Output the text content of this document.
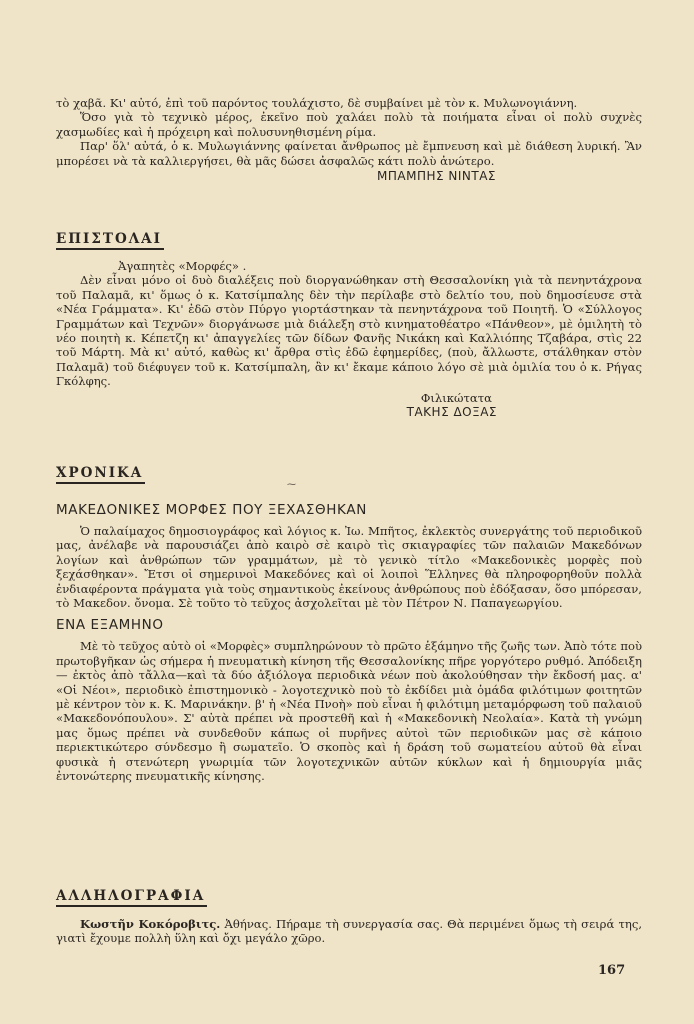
τὸ χαβᾶ. Κι' αὐτό, ἐπὶ τοῦ παρόντος τουλάχιστο, δὲ συμβαίνει μὲ τὸν κ. Μυλωνογιάννη.

Ὅσο γιὰ τὸ τεχνικὸ μέρος, ἐκεῖνο ποὺ χαλάει πολὺ τὰ ποιήματα εἶναι οἱ πολὺ συχνὲς χασμωδίες καὶ ἡ πρόχειρη καὶ πολυσυνηθισμένη ρίμα.

Παρ' ὅλ' αὐτά, ὁ κ. Μυλωγιάννης φαίνεται ἄνθρωπος μὲ ἔμπνευση καὶ μὲ διάθεση λυρική. Ἂν μπορέσει νὰ τὰ καλλιεργήσει, θὰ μᾶς δώσει ἀσφαλῶς κάτι πολὺ ἀνώτερο.

ΜΠΑΜΠΗΣ ΝΙΝΤΑΣ

ΕΠΙΣΤΟΛΑΙ

Ἀγαπητὲς «Μορφές» .

Δὲν εἶναι μόνο οἱ δυὸ διαλέξεις ποὺ διοργανώθηκαν στὴ Θεσσαλονίκη γιὰ τὰ πενηντάχρονα τοῦ Παλαμᾶ, κι' ὅμως ὁ κ. Κατσίμπαλης δὲν τὴν περίλαβε στὸ δελτίο του, ποὺ δημοσίευσε στὰ «Νέα Γράμματα». Κι' ἐδῶ στὸν Πύργο γιορτάστηκαν τὰ πενηντάχρονα τοῦ Ποιητῆ. Ὁ «Σύλλογος Γραμμάτων καὶ Τεχνῶν» διοργάνωσε μιὰ διάλεξη στὸ κινηματοθέατρο «Πάνθεον», μὲ ὁμιλητὴ τὸ νέο ποιητὴ κ. Κέπετζη κι' ἀπαγγελίες τῶν δίδων Φανῆς Νικάκη καὶ Καλλιόπης Τζαβάρα, στὶς 22 τοῦ Μάρτη. Μὰ κι' αὐτό, καθὼς κι' ἄρθρα στὶς ἐδῶ ἐφημερίδες, (ποὺ, ἄλλωστε, στάλθηκαν στὸν Παλαμᾶ) τοῦ διέφυγεν τοῦ κ. Κατσίμπαλη, ἂν κι' ἔκαμε κάποιο λόγο σὲ μιὰ ὁμιλία του ὁ κ. Ρήγας Γκόλφης.

Φιλικώτατα

ΤΑΚΗΣ ΔΟΞΑΣ

⁓
ΧΡΟΝΙΚΑ

ΜΑΚΕΔΟΝΙΚΕΣ ΜΟΡΦΕΣ ΠΟΥ ΞΕΧΑΣΘΗΚΑΝ

Ὁ παλαίμαχος δημοσιογράφος καὶ λόγιος κ. Ἰω. Μπῆτος, ἐκλεκτὸς συνεργάτης τοῦ περιοδικοῦ μας, ἀνέλαβε νὰ παρουσιάζει ἀπὸ καιρὸ σὲ καιρὸ τὶς σκιαγραφίες τῶν παλαιῶν Μακεδόνων λογίων καὶ ἀνθρώπων τῶν γραμμάτων, μὲ τὸ γενικὸ τίτλο «Μακεδονικὲς μορφὲς ποὺ ξεχάσθηκαν». Ἔτσι οἱ σημερινοὶ Μακεδόνες καὶ οἱ λοιποὶ Ἕλληνες θὰ πληροφορηθοῦν πολλὰ ἐνδιαφέροντα πράγματα γιὰ τοὺς σημαντικοὺς ἐκείνους ἀνθρώπους ποὺ ἐδόξασαν, ὅσο μπόρεσαν, τὸ Μακεδον. ὄνομα. Σὲ τοῦτο τὸ τεῦχος ἀσχολεῖται μὲ τὸν Πέτρον Ν. Παπαγεωργίου.

ΕΝΑ ΕΞΑΜΗΝΟ

Μὲ τὸ τεῦχος αὐτὸ οἱ «Μορφὲς» συμπληρώνουν τὸ πρῶτο ἑξάμηνο τῆς ζωῆς των. Ἀπὸ τότε ποὺ πρωτοβγῆκαν ὡς σήμερα ἡ πνευματικὴ κίνηση τῆς Θεσσαλονίκης πῆρε γοργότερο ρυθμό. Ἀπόδειξη— ἐκτὸς ἀπὸ τἄλλα—καὶ τὰ δύο ἀξιόλογα περιοδικὰ νέων ποὺ ἀκολούθησαν τὴν ἔκδοσή μας. α' «Οἱ Νέοι», περιοδικὸ ἐπιστημονικὸ - λογοτεχνικὸ ποὺ τὸ ἐκδίδει μιὰ ὁμάδα φιλότιμων φοιτητῶν μὲ κέντρον τὸν κ. Κ. Μαρινάκην. β' ἡ «Νέα Πνοὴ» ποὺ εἶναι ἡ φιλότιμη μεταμόρφωση τοῦ παλαιοῦ «Μακεδονόπουλου». Σ' αὐτὰ πρέπει νὰ προστεθῆ καὶ ἡ «Μακεδονικὴ Νεολαία». Κατὰ τὴ γνώμη μας ὅμως πρέπει νὰ συνδεθοῦν κάπως οἱ πυρῆνες αὐτοὶ τῶν περιοδικῶν μας σὲ κάποιο περιεκτικώτερο σύνδεσμο ἢ σωματεῖο. Ὁ σκοπὸς καὶ ἡ δράση τοῦ σωματείου αὐτοῦ θὰ εἶναι φυσικὰ ἡ στενώτερη γνωριμία τῶν λογοτεχνικῶν αὐτῶν κύκλων καὶ ἡ δημιουργία μιᾶς ἐντονώτερης πνευματικῆς κίνησης.

ΑΛΛΗΛΟΓΡΑΦΙΑ

Κωστῆν Κοκόροβιτς. Ἀθήνας. Πήραμε τὴ συνεργασία σας. Θὰ περιμένει ὅμως τὴ σειρά της, γιατὶ ἔχουμε πολλὴ ὕλη καὶ ὄχι μεγάλο χῶρο.

167
